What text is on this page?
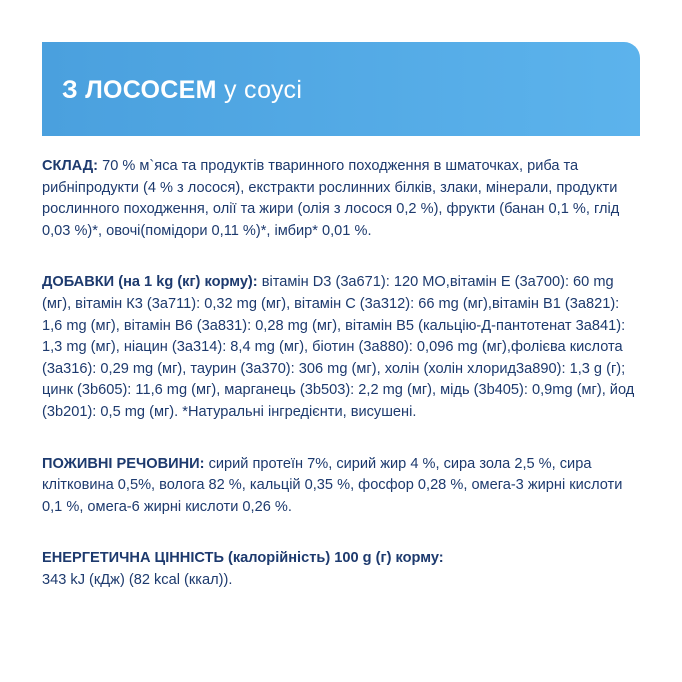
З ЛОСОСЕМ у соусі

СКЛАД: 70 % м`яса та продуктів тваринного походження в шматочках, риба та рибніпродукти (4 % з лосося), екстракти рослинних білків, злаки, мінерали, продукти рослинного походження, олії та жири (олія з лосося 0,2 %), фрукти (банан 0,1 %, глід 0,03 %)*, овочі(помідори 0,11 %)*, імбир* 0,01 %.

ДОБАВКИ (на 1 kg (кг) корму): вітамін D3 (3a671): 120 МО,вітамін E (3a700): 60 mg (мг), вітамін К3 (3a711): 0,32 mg (мг), вітамін С (3a312): 66 mg (мг),вітамін В1 (3a821): 1,6 mg (мг), вітамін В6 (3a831): 0,28 mg (мг), вітамін В5 (кальцію-Д-пантотенат 3a841): 1,3 mg (мг), ніацин (3a314): 8,4 mg (мг), біотин (3a880): 0,096 mg (мг),фолієва кислота (3a316): 0,29 mg (мг), таурин (3a370): 306 mg (мг), холін (холін хлорид3a890): 1,3 g (г); цинк (3b605): 11,6 mg (мг), марганець (3b503): 2,2 mg (мг), мідь (3b405): 0,9mg (мг), йод (3b201): 0,5 mg (мг). *Натуральні інгредієнти, висушені.

ПОЖИВНІ РЕЧОВИНИ: сирий протеїн 7%, сирий жир 4 %, сира зола 2,5 %, сира клітковина 0,5%, волога 82 %, кальцій 0,35 %, фосфор 0,28 %, омега-3 жирні кислоти 0,1 %, омега-6 жирні кислоти 0,26 %.

ЕНЕРГЕТИЧНА ЦІННІСТЬ (калорійність) 100 g (г) корму:
343 kJ (кДж) (82 kcal (ккал)).
